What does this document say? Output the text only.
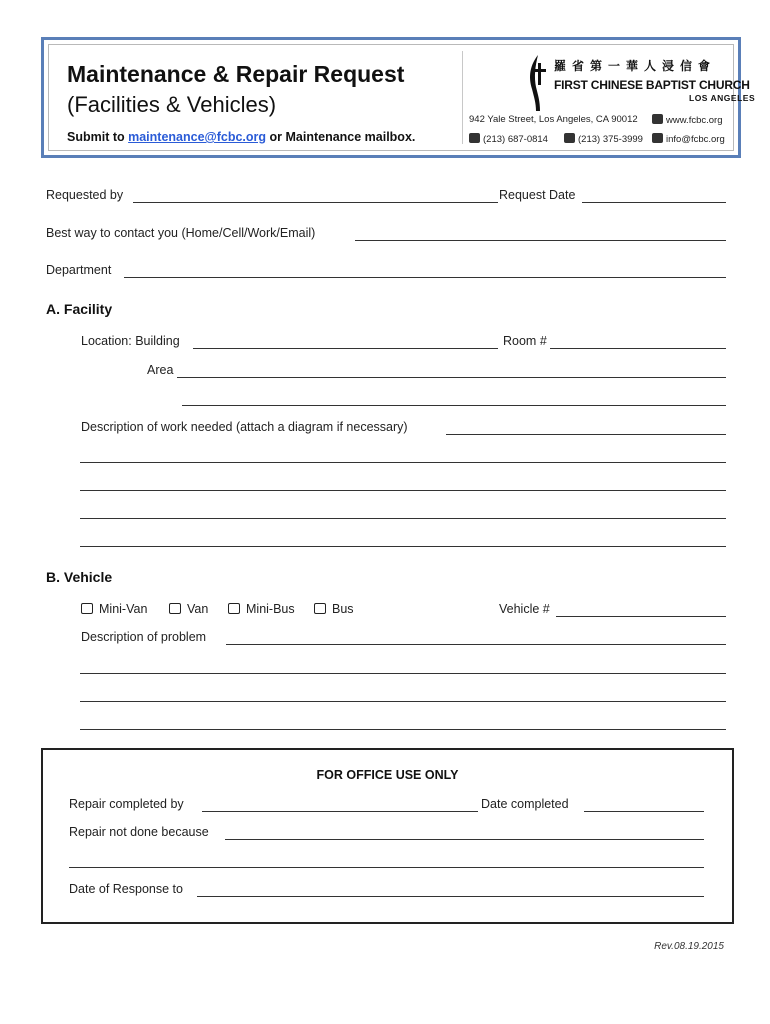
Maintenance & Repair Request
(Facilities & Vehicles)
Submit to maintenance@fcbc.org or Maintenance mailbox.
羅省第一華人浸信會
FIRST CHINESE BAPTIST CHURCH
LOS ANGELES
942 Yale Street, Los Angeles, CA 90012	www.fcbc.org
(213) 687-0814	(213) 375-3999	info@fcbc.org
Requested by	Request Date
Best way to contact you (Home/Cell/Work/Email)
Department
A. Facility
Location: Building	Room #
Area
Description of work needed (attach a diagram if necessary)
B. Vehicle
Mini-Van	Van	Mini-Bus	Bus	Vehicle #
Description of problem
FOR OFFICE USE ONLY
Repair completed by	Date completed
Repair not done because
Date of Response to
Rev.08.19.2015
